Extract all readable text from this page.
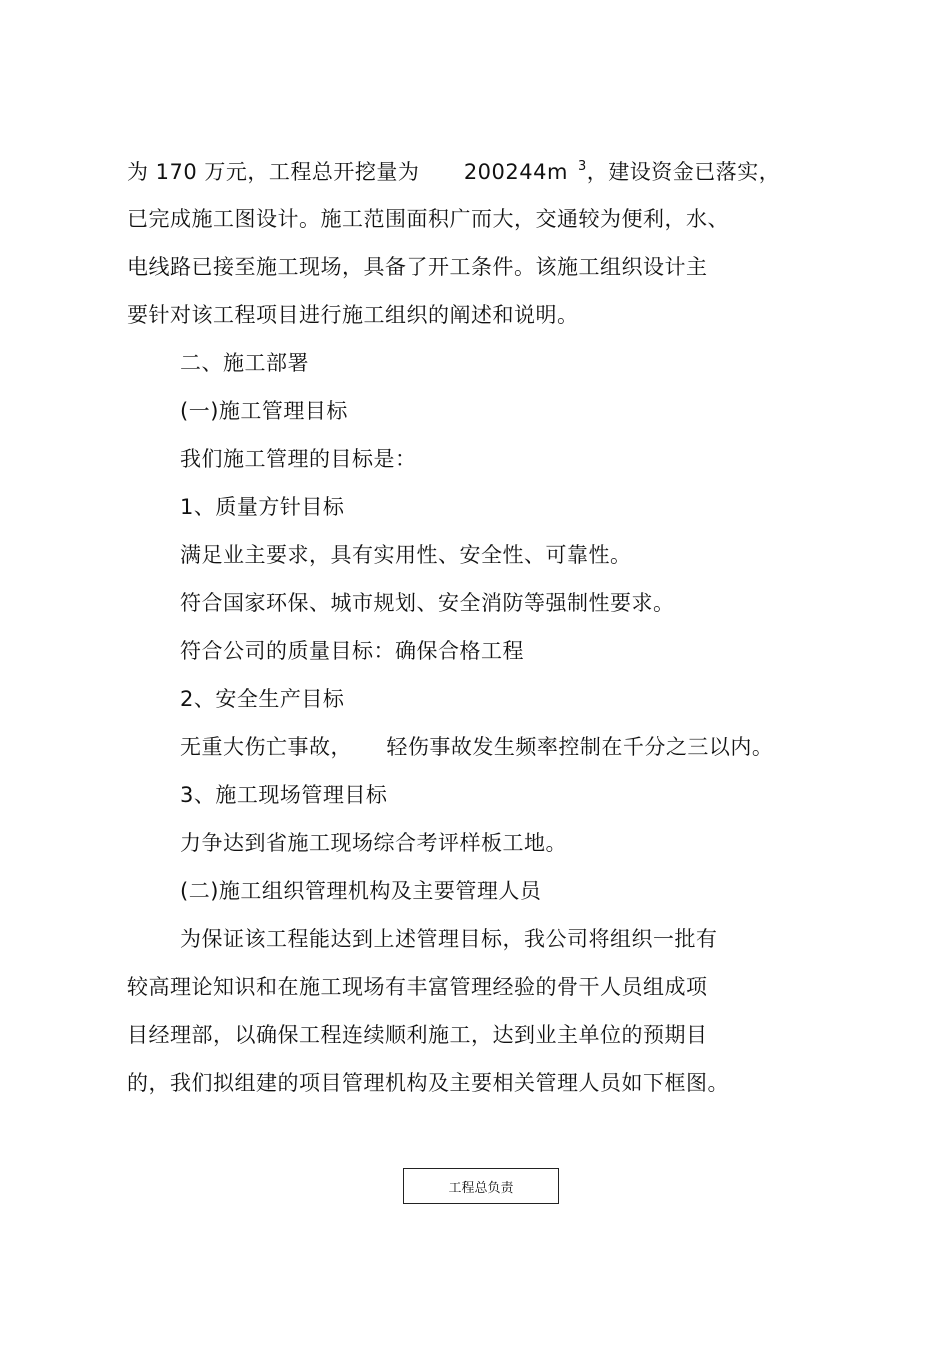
为 170 万元，工程总开挖量为 200244m $^3$，建设资金已落实，
已完成施工图设计。施工范围面积广而大，交通较为便利，水、
电线路已接至施工现场，具备了开工条件。该施工组织设计主
要针对该工程项目进行施工组织的阐述和说明。
二、施工部署
(一)施工管理目标
我们施工管理的目标是：
1、质量方针目标
满足业主要求，具有实用性、安全性、可靠性。
符合国家环保、城市规划、安全消防等强制性要求。
符合公司的质量目标：确保合格工程
2、安全生产目标
无重大伤亡事故， 轻伤事故发生频率控制在千分之三以内。
3、施工现场管理目标
力争达到省施工现场综合考评样板工地。
(二)施工组织管理机构及主要管理人员
为保证该工程能达到上述管理目标，我公司将组织一批有
较高理论知识和在施工现场有丰富管理经验的骨干人员组成项
目经理部，以确保工程连续顺利施工，达到业主单位的预期目
的，我们拟组建的项目管理机构及主要相关管理人员如下框图。
工程总负责
